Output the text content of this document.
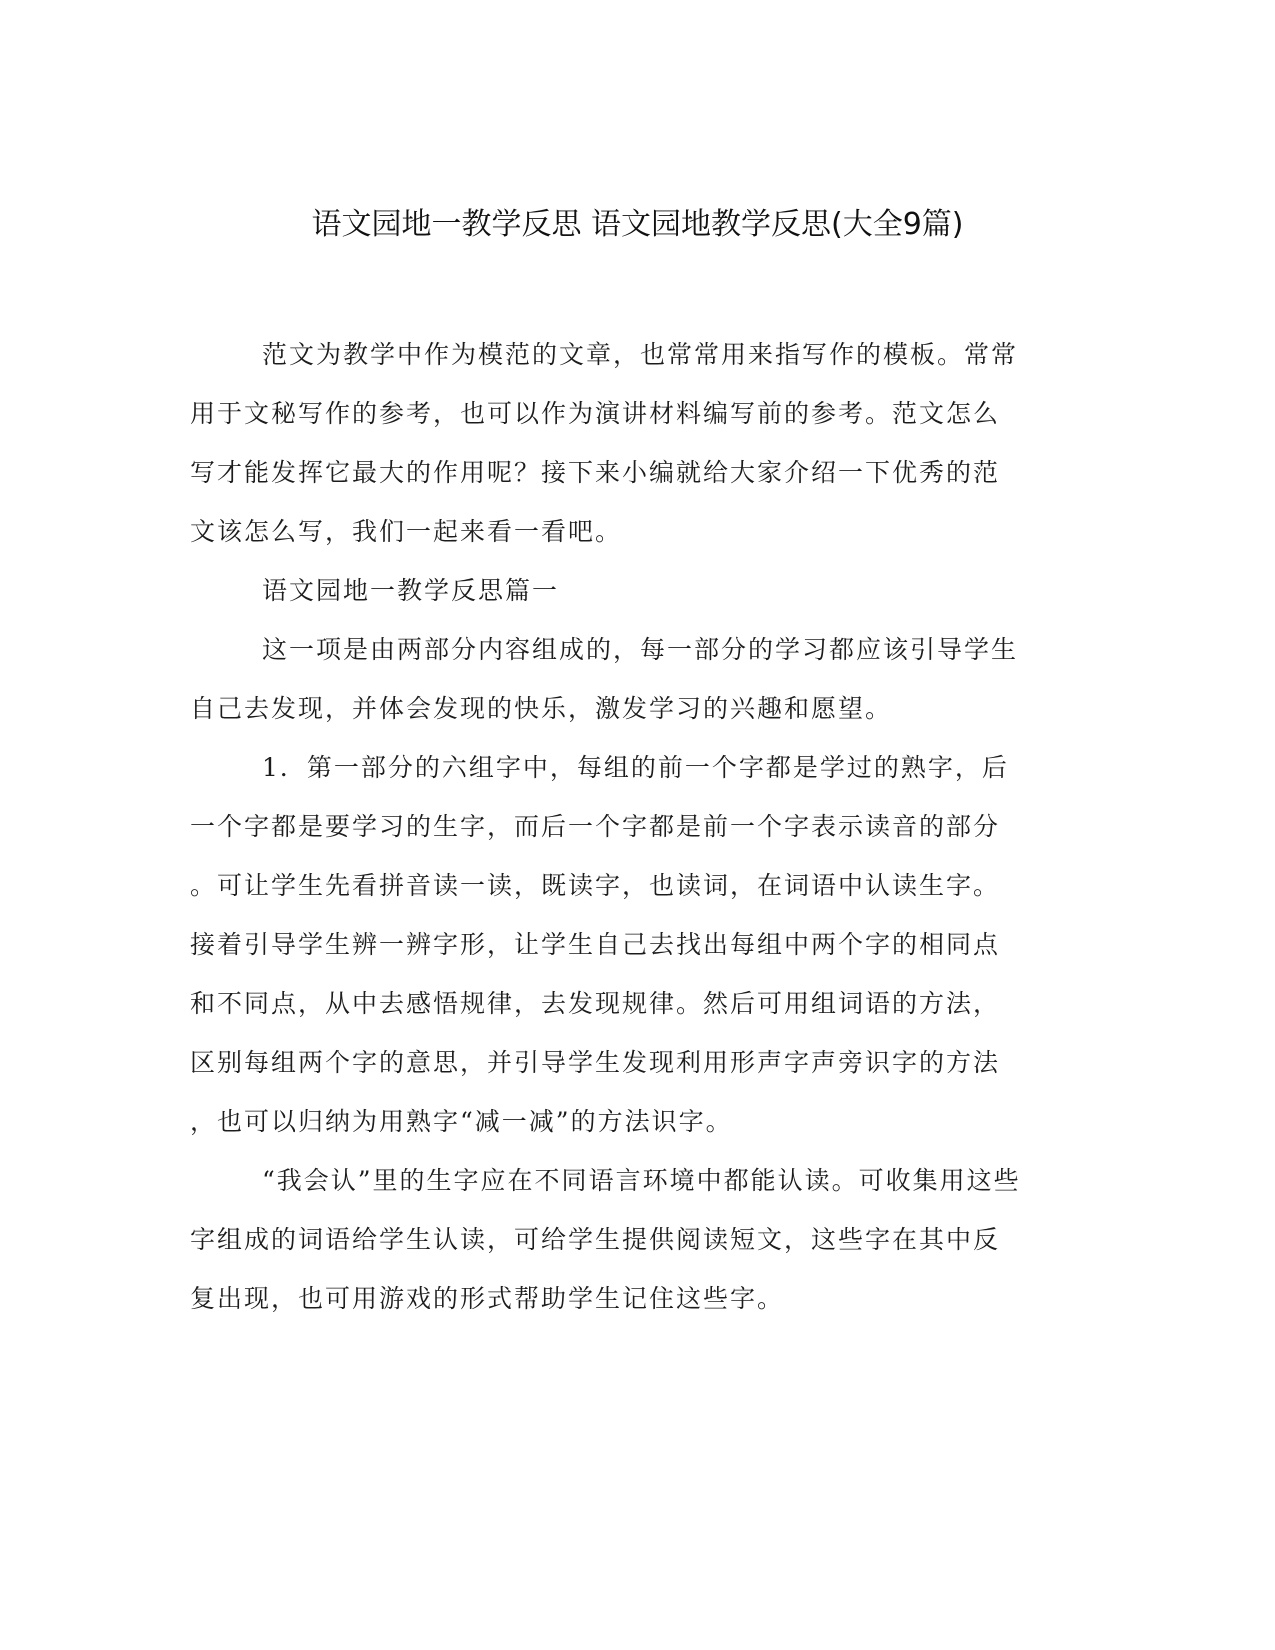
语文园地一教学反思 语文园地教学反思(大全9篇)
范文为教学中作为模范的文章，也常常用来指写作的模板。常常
用于文秘写作的参考，也可以作为演讲材料编写前的参考。范文怎么
写才能发挥它最大的作用呢？接下来小编就给大家介绍一下优秀的范
文该怎么写，我们一起来看一看吧。
语文园地一教学反思篇一
这一项是由两部分内容组成的，每一部分的学习都应该引导学生
自己去发现，并体会发现的快乐，激发学习的兴趣和愿望。
1．第一部分的六组字中，每组的前一个字都是学过的熟字，后
一个字都是要学习的生字，而后一个字都是前一个字表示读音的部分
。可让学生先看拼音读一读，既读字，也读词，在词语中认读生字。
接着引导学生辨一辨字形，让学生自己去找出每组中两个字的相同点
和不同点，从中去感悟规律，去发现规律。然后可用组词语的方法，
区别每组两个字的意思，并引导学生发现利用形声字声旁识字的方法
，也可以归纳为用熟字“减一减”的方法识字。
“我会认”里的生字应在不同语言环境中都能认读。可收集用这些
字组成的词语给学生认读，可给学生提供阅读短文，这些字在其中反
复出现，也可用游戏的形式帮助学生记住这些字。
